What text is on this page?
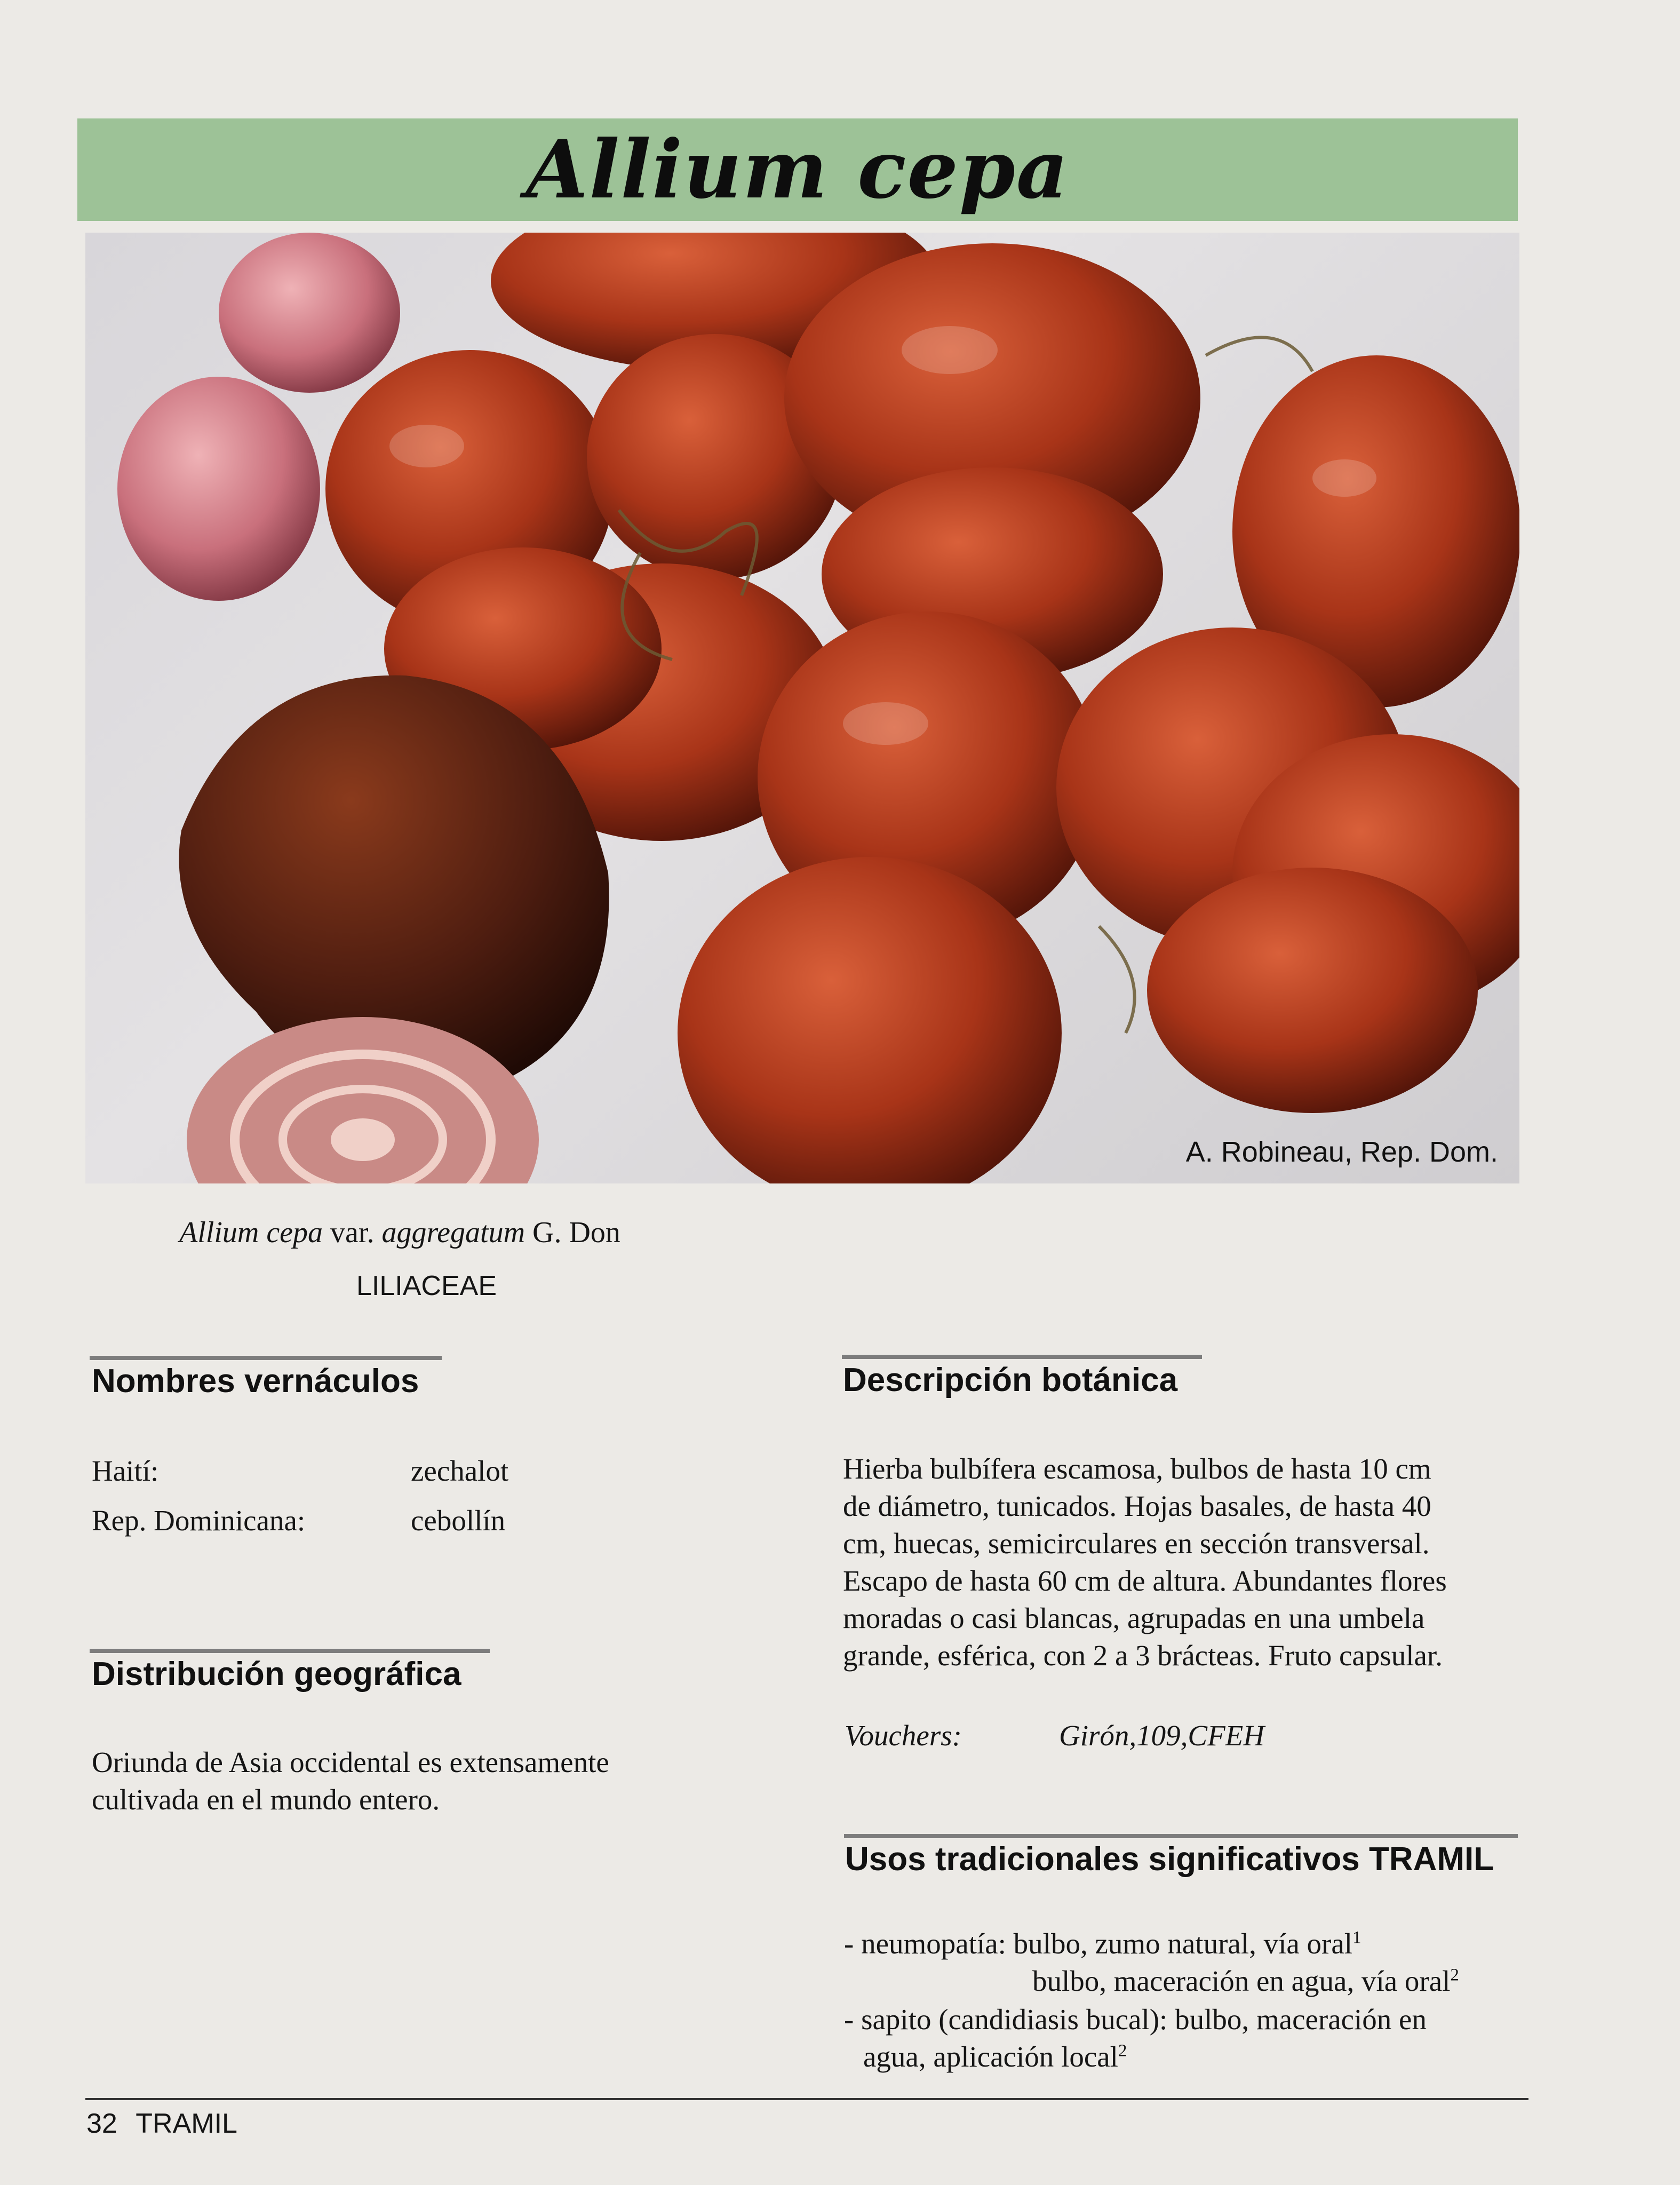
Allium cepa
A. Robineau, Rep. Dom.
Allium cepa var. aggregatum G. Don
LILIACEAE
Nombres vernáculos
Haití:	zechalot
Rep. Dominicana:	cebollín
Distribución geográfica
Oriunda de Asia occidental es extensamente
cultivada en el mundo entero.
Descripción botánica
Hierba bulbífera escamosa, bulbos de hasta 10 cm
de diámetro, tunicados. Hojas basales, de hasta 40
cm, huecas, semicirculares en sección transversal.
Escapo de hasta 60 cm de altura. Abundantes flores
moradas o casi blancas, agrupadas en una umbela
grande, esférica, con 2 a 3 brácteas. Fruto capsular.
Vouchers:	Girón,109,CFEH
Usos tradicionales significativos TRAMIL
- neumopatía: bulbo, zumo natural, vía oral$^1$
bulbo, maceración en agua, vía oral$^2$
- sapito (candidiasis bucal): bulbo, maceración en
agua, aplicación local$^2$
32 TRAMIL
